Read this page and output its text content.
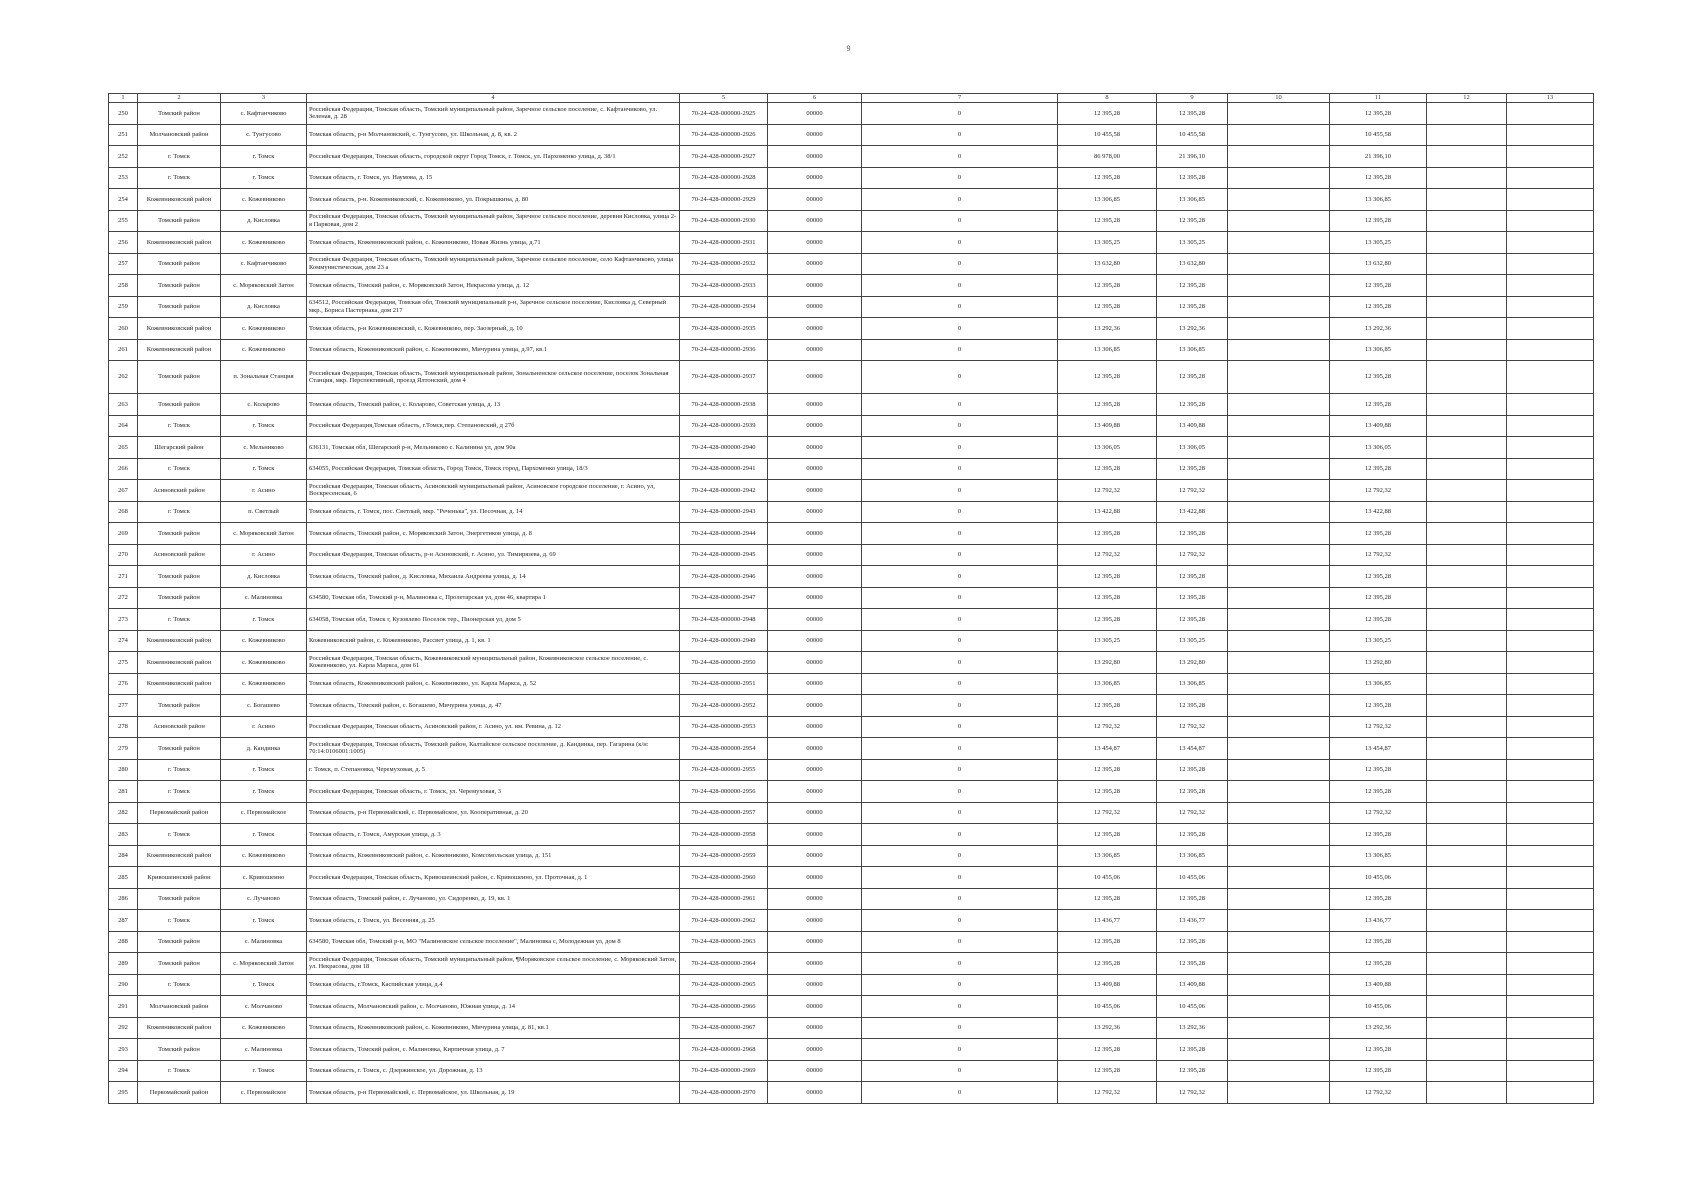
9
1	2	3	4	5	6	7	8	9	10	11	12	13
250	Томский район	с. Кафтанчиково	Российская Федерация, Томская область, Томский муниципальный район, Заречное сельское поселение, с. Кафтанчиково, ул. Зеленая, д. 28	70-24-428-000000-2925	00000	0	12 395,28	12 395,28		12 395,28		
251	Молчановский район	с. Тунгусово	Томская область, р-н Молчановский, с. Тунгусово, ул. Школьная, д. 8, кв. 2	70-24-428-000000-2926	00000	0	10 455,58	10 455,58		10 455,58		
252	г. Томск	г. Томск	Российская Федерация, Томская область, городской округ Город Томск, г. Томск, ул. Пархоменко улица, д. 38/1	70-24-428-000000-2927	00000	0	86 978,00	21 396,10		21 396,10		
253	г. Томск	г. Томск	Томская область, г. Томск, ул. Наумова, д. 15	70-24-428-000000-2928	00000	0	12 395,28	12 395,28		12 395,28		
254	Кожевниковский район	с. Кожевниково	Томская область, р-н. Кожевниковский, с. Кожевниково, ул. Покрышкина, д. 80	70-24-428-000000-2929	00000	0	13 306,85	13 306,85		13 306,85		
255	Томский район	д. Кисловка	Российская Федерация, Томская область, Томский муниципальный район, Заречное сельское поселение, деревня Кисловка, улица 2-я Парковая, дом 2	70-24-428-000000-2930	00000	0	12 395,28	12 395,28		12 395,28		
256	Кожевниковский район	с. Кожевниково	Томская область, Кожевниковский район, с. Кожевниково, Новая Жизнь улица, д.71	70-24-428-000000-2931	00000	0	13 305,25	13 305,25		13 305,25		
257	Томский район	с. Кафтанчиково	Российская Федерация, Томская область, Томский муниципальный район, Заречное сельское поселение, село Кафтанчиково, улица Коммунистическая, дом 23 а	70-24-428-000000-2932	00000	0	13 632,80	13 632,80		13 632,80		
258	Томский район	с. Моряковский Затон	Томская область, Томский район, с. Моряковский Затон, Некрасова улица, д. 12	70-24-428-000000-2933	00000	0	12 395,28	12 395,28		12 395,28		
259	Томский район	д. Кисловка	634512, Российская Федерация, Томская обл, Томский муниципальный р-н, Заречное сельское поселение, Кисловка д, Северный мкр., Бориса Пастернака, дом 217	70-24-428-000000-2934	00000	0	12 395,28	12 395,28		12 395,28		
260	Кожевниковский район	с. Кожевниково	Томская область, р-н Кожевниковский, с. Кожевниково, пер. Заозерный, д. 10	70-24-428-000000-2935	00000	0	13 292,36	13 292,36		13 292,36		
261	Кожевниковский район	с. Кожевниково	Томская область, Кожевниковский район, с. Кожевниково, Мичурина улица, д.97, кв.1	70-24-428-000000-2936	00000	0	13 306,85	13 306,85		13 306,85		
262	Томский район	п. Зональная Станция	Российская Федерация, Томская область, Томский муниципальный район, Зональненское сельское поселение, поселок Зональная Станция, мкр. Перспективный, проезд Ялтонский, дом 4	70-24-428-000000-2937	00000	0	12 395,28	12 395,28		12 395,28		
263	Томский район	с. Коларово	Томская область, Томский район, с. Коларово, Советская улица, д. 13	70-24-428-000000-2938	00000	0	12 395,28	12 395,28		12 395,28		
264	г. Томск	г. Томск	Российская Федерация,Томская область, г.Томск,пер. Степановский, д 27б	70-24-428-000000-2939	00000	0	13 409,88	13 409,88		13 409,88		
265	Шегарский район	с. Мельниково	636131, Томская обл, Шегарский р-н, Мельниково с. Калинина ул, дом 90а	70-24-428-000000-2940	00000	0	13 306,05	13 306,05		13 306,05		
266	г. Томск	г. Томск	634055, Российская Федерация, Томская область, Город Томск, Томск город, Пархоменко улица, 18/3	70-24-428-000000-2941	00000	0	12 395,28	12 395,28		12 395,28		
267	Асиновский район	г. Асино	Российская Федерация, Томская область, Асиновский муниципальный район, Асиновское городское поселение, г. Асино, ул, Воскресенская, 6	70-24-428-000000-2942	00000	0	12 792,32	12 792,32		12 792,32		
268	г. Томск	п. Светлый	Томская область, г. Томск, пос. Светлый, мкр. "Реченька", ул. Песочная, д. 14	70-24-428-000000-2943	00000	0	13 422,88	13 422,88		13 422,88		
269	Томский район	с. Моряковский Затон	Томская область, Томский район, с. Моряковский Затон, Энергетиков улица, д. 8	70-24-428-000000-2944	00000	0	12 395,28	12 395,28		12 395,28		
270	Асиновский район	г. Асино	Российская Федерация, Томская область, р-н Асиновский, г. Асино, ул. Тимирязева, д. 69	70-24-428-000000-2945	00000	0	12 792,32	12 792,32		12 792,32		
271	Томский район	д. Кисловка	Томская область, Томский район, д. Кисловка, Михаила Андреева улица, д. 14	70-24-428-000000-2946	00000	0	12 395,28	12 395,28		12 395,28		
272	Томский район	с. Малиновка	634580, Томская обл, Томский р-н, Малиновка с, Пролетарская ул, дом 46, квартира 1	70-24-428-000000-2947	00000	0	12 395,28	12 395,28		12 395,28		
273	г. Томск	г. Томск	634058, Томская обл, Томск г, Кузовлево Поселок тер., Пионерская ул, дом 5	70-24-428-000000-2948	00000	0	12 395,28	12 395,28		12 395,28		
274	Кожевниковский район	с. Кожевниково	Кожевниковский район, с. Кожевниково, Рассвет улица, д. 1, кв. 1	70-24-428-000000-2949	00000	0	13 305,25	13 305,25		13 305,25		
275	Кожевниковский район	с. Кожевниково	Российская Федерация, Томская область, Кожевниковский муниципальный район, Кожевниковское сельское поселение, с. Кожевниково, ул. Карла Маркса, дом 61	70-24-428-000000-2950	00000	0	13 292,80	13 292,80		13 292,80		
276	Кожевниковский район	с. Кожевниково	Томская область, Кожевниковский район, с. Кожевниково, ул. Карла Маркса, д. 52	70-24-428-000000-2951	00000	0	13 306,85	13 306,85		13 306,85		
277	Томский район	с. Богашево	Томская область, Томский район, с. Богашево, Мичурина улица, д. 47	70-24-428-000000-2952	00000	0	12 395,28	12 395,28		12 395,28		
278	Асиновский район	г. Асино	Российская Федерация, Томская область, Асиновский район, г. Асино, ул. им. Ревина, д. 12	70-24-428-000000-2953	00000	0	12 792,32	12 792,32		12 792,32		
279	Томский район	д. Кандинка	Российская Федерация, Томская область, Томский район, Калтайское сельское поселение, д. Кандинка, пер. Гагарина (к/н: 70:14:0106001:1005)	70-24-428-000000-2954	00000	0	13 454,87	13 454,87		13 454,87		
280	г. Томск	г. Томск	г. Томск, п. Степановка, Черемуховая, д. 5	70-24-428-000000-2955	00000	0	12 395,28	12 395,28		12 395,28		
281	г. Томск	г. Томск	Российская Федерация, Томская область, г. Томск, ул. Черемуховая, 3	70-24-428-000000-2956	00000	0	12 395,28	12 395,28		12 395,28		
282	Первомайский район	с. Первомайское	Томская область, р-н Первомайский, с. Первомайское, ул. Кооперативная, д. 20	70-24-428-000000-2957	00000	0	12 792,32	12 792,32		12 792,32		
283	г. Томск	г. Томск	Томская область, г. Томск, Амурская улица, д. 3	70-24-428-000000-2958	00000	0	12 395,28	12 395,28		12 395,28		
284	Кожевниковский район	с. Кожевниково	Томская область, Кожевниковский район, с. Кожевниково, Комсомольская улица, д. 151	70-24-428-000000-2959	00000	0	13 306,85	13 306,85		13 306,85		
285	Кривошеинский район	с. Кривошеино	Российская Федерация, Томская область, Кривошеинский район, с. Кривошеино, ул. Проточная, д. 1	70-24-428-000000-2960	00000	0	10 455,06	10 455,06		10 455,06		
286	Томский район	с. Лучаново	Томская область, Томский район, с. Лучаново, ул. Сидоренко, д. 19, кв. 1	70-24-428-000000-2961	00000	0	12 395,28	12 395,28		12 395,28		
287	г. Томск	г. Томск	Томская область, г. Томск, ул. Весенняя, д. 25	70-24-428-000000-2962	00000	0	13 436,77	13 436,77		13 436,77		
288	Томский район	с. Малиновка	634580, Томская обл, Томский р-н, МО "Малиновское сельское поселение", Малиновка с, Молодежная ул, дом 8	70-24-428-000000-2963	00000	0	12 395,28	12 395,28		12 395,28		
289	Томский район	с. Моряковский Затон	Российская Федерация, Томская область, Томский муниципальный район, ¶Моряковское сельское поселение, с. Моряковский Затон, ул. Некрасова, дом 18	70-24-428-000000-2964	00000	0	12 395,28	12 395,28		12 395,28		
290	г. Томск	г. Томск	Томская область, г.Томск, Каспийская улица, д.4	70-24-428-000000-2965	00000	0	13 409,88	13 409,88		13 409,88		
291	Молчановский район	с. Молчаново	Томская область, Молчановский район, с. Молчаново, Южная улица, д. 14	70-24-428-000000-2966	00000	0	10 455,06	10 455,06		10 455,06		
292	Кожевниковский район	с. Кожевниково	Томская область, Кожевниковский район, с. Кожевниково, Мичурина улица, д. 81, кв.1	70-24-428-000000-2967	00000	0	13 292,36	13 292,36		13 292,36		
293	Томский район	с. Малиновка	Томская область, Томский район, с. Малиновка, Кирпичная улица, д. 7	70-24-428-000000-2968	00000	0	12 395,28	12 395,28		12 395,28		
294	г. Томск	г. Томск	Томская область, г. Томск, с. Дзержинское, ул. Дорожная, д. 13	70-24-428-000000-2969	00000	0	12 395,28	12 395,28		12 395,28		
295	Первомайский район	с. Первомайское	Томская область, р-н Первомайский, с. Первомайское, ул. Школьная, д. 19	70-24-428-000000-2970	00000	0	12 792,32	12 792,32		12 792,32		
